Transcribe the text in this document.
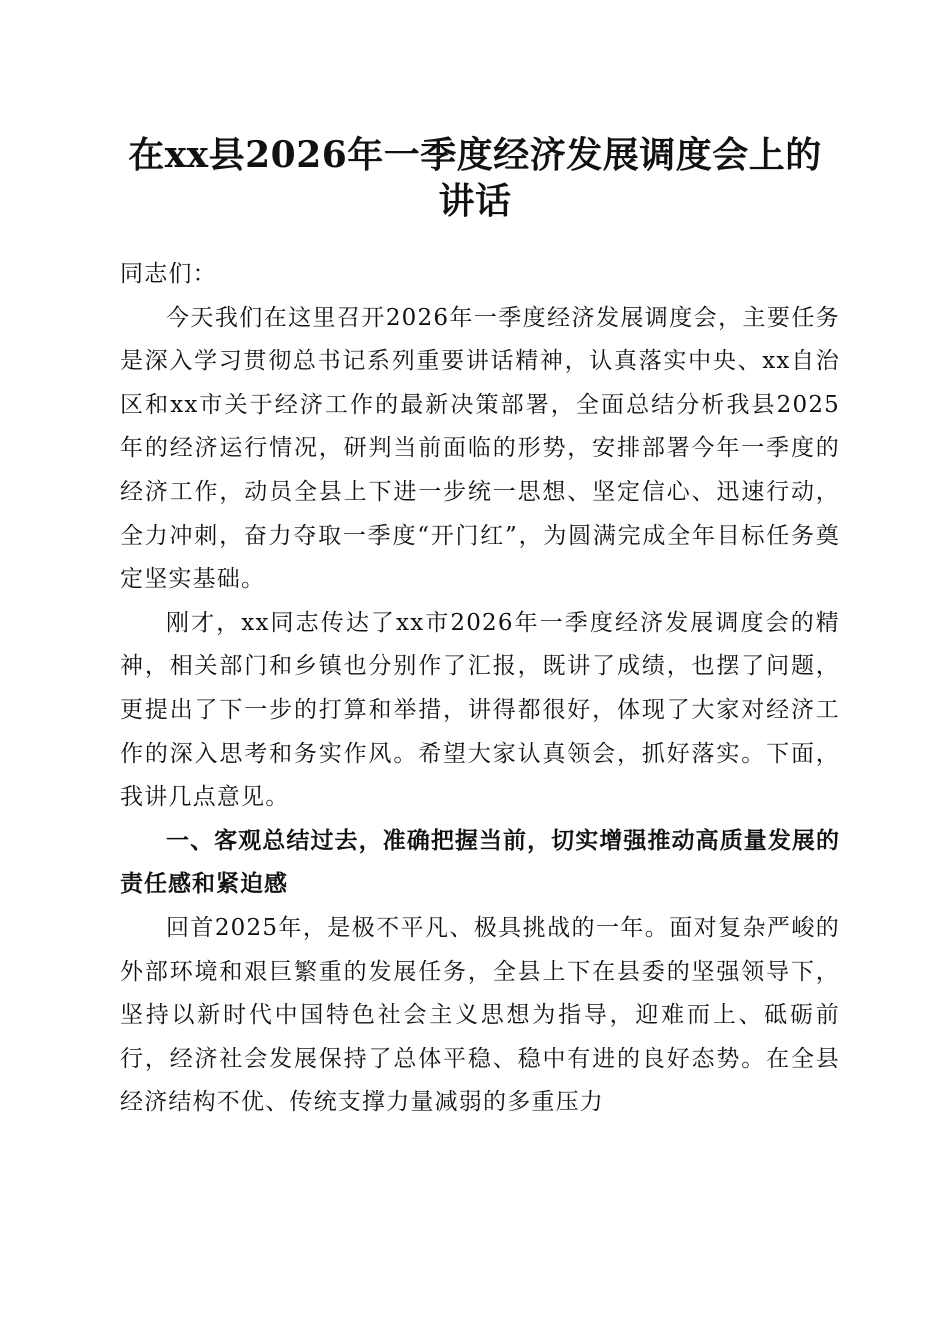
在xx县2026年一季度经济发展调度会上的讲话

同志们：

今天我们在这里召开2026年一季度经济发展调度会，主要任务是深入学习贯彻总书记系列重要讲话精神，认真落实中央、xx自治区和xx市关于经济工作的最新决策部署，全面总结分析我县2025年的经济运行情况，研判当前面临的形势，安排部署今年一季度的经济工作，动员全县上下进一步统一思想、坚定信心、迅速行动，全力冲刺，奋力夺取一季度“开门红”，为圆满完成全年目标任务奠定坚实基础。

刚才，xx同志传达了xx市2026年一季度经济发展调度会的精神，相关部门和乡镇也分别作了汇报，既讲了成绩，也摆了问题，更提出了下一步的打算和举措，讲得都很好，体现了大家对经济工作的深入思考和务实作风。希望大家认真领会，抓好落实。下面，我讲几点意见。

一、客观总结过去，准确把握当前，切实增强推动高质量发展的责任感和紧迫感

回首2025年，是极不平凡、极具挑战的一年。面对复杂严峻的外部环境和艰巨繁重的发展任务，全县上下在县委的坚强领导下，坚持以新时代中国特色社会主义思想为指导，迎难而上、砥砺前行，经济社会发展保持了总体平稳、稳中有进的良好态势。在全县经济结构不优、传统支撑力量减弱的多重压力
